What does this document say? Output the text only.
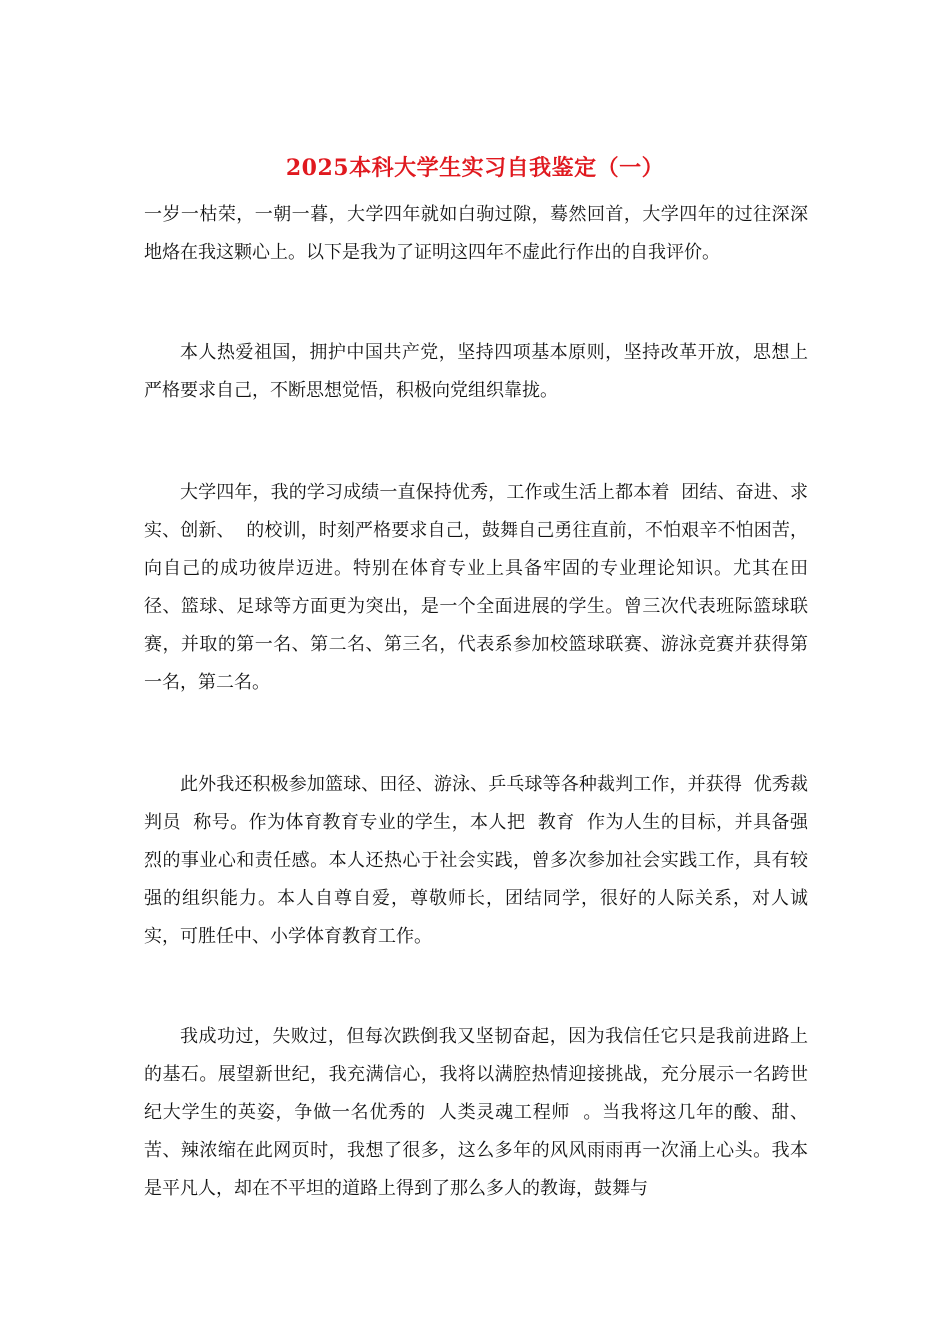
2025本科大学生实习自我鉴定（一）

一岁一枯荣，一朝一暮，大学四年就如白驹过隙，蓦然回首，大学四年的过往深深地烙在我这颗心上。以下是我为了证明这四年不虚此行作出的自我评价。

本人热爱祖国，拥护中国共产党，坚持四项基本原则，坚持改革开放，思想上严格要求自己，不断思想觉悟，积极向党组织靠拢。

大学四年，我的学习成绩一直保持优秀，工作或生活上都本着  团结、奋进、求实、创新、  的校训，时刻严格要求自己，鼓舞自己勇往直前，不怕艰辛不怕困苦，向自己的成功彼岸迈进。特别在体育专业上具备牢固的专业理论知识。尤其在田径、篮球、足球等方面更为突出，是一个全面进展的学生。曾三次代表班际篮球联赛，并取的第一名、第二名、第三名，代表系参加校篮球联赛、游泳竞赛并获得第一名，第二名。

此外我还积极参加篮球、田径、游泳、乒乓球等各种裁判工作，并获得  优秀裁判员  称号。作为体育教育专业的学生，本人把  教育  作为人生的目标，并具备强烈的事业心和责任感。本人还热心于社会实践，曾多次参加社会实践工作，具有较强的组织能力。本人自尊自爱，尊敬师长，团结同学，很好的人际关系，对人诚实，可胜任中、小学体育教育工作。

我成功过，失败过，但每次跌倒我又坚韧奋起，因为我信任它只是我前进路上的基石。展望新世纪，我充满信心，我将以满腔热情迎接挑战，充分展示一名跨世纪大学生的英姿，争做一名优秀的  人类灵魂工程师  。当我将这几年的酸、甜、苦、辣浓缩在此网页时，我想了很多，这么多年的风风雨雨再一次涌上心头。我本是平凡人，却在不平坦的道路上得到了那么多人的教诲，鼓舞与
